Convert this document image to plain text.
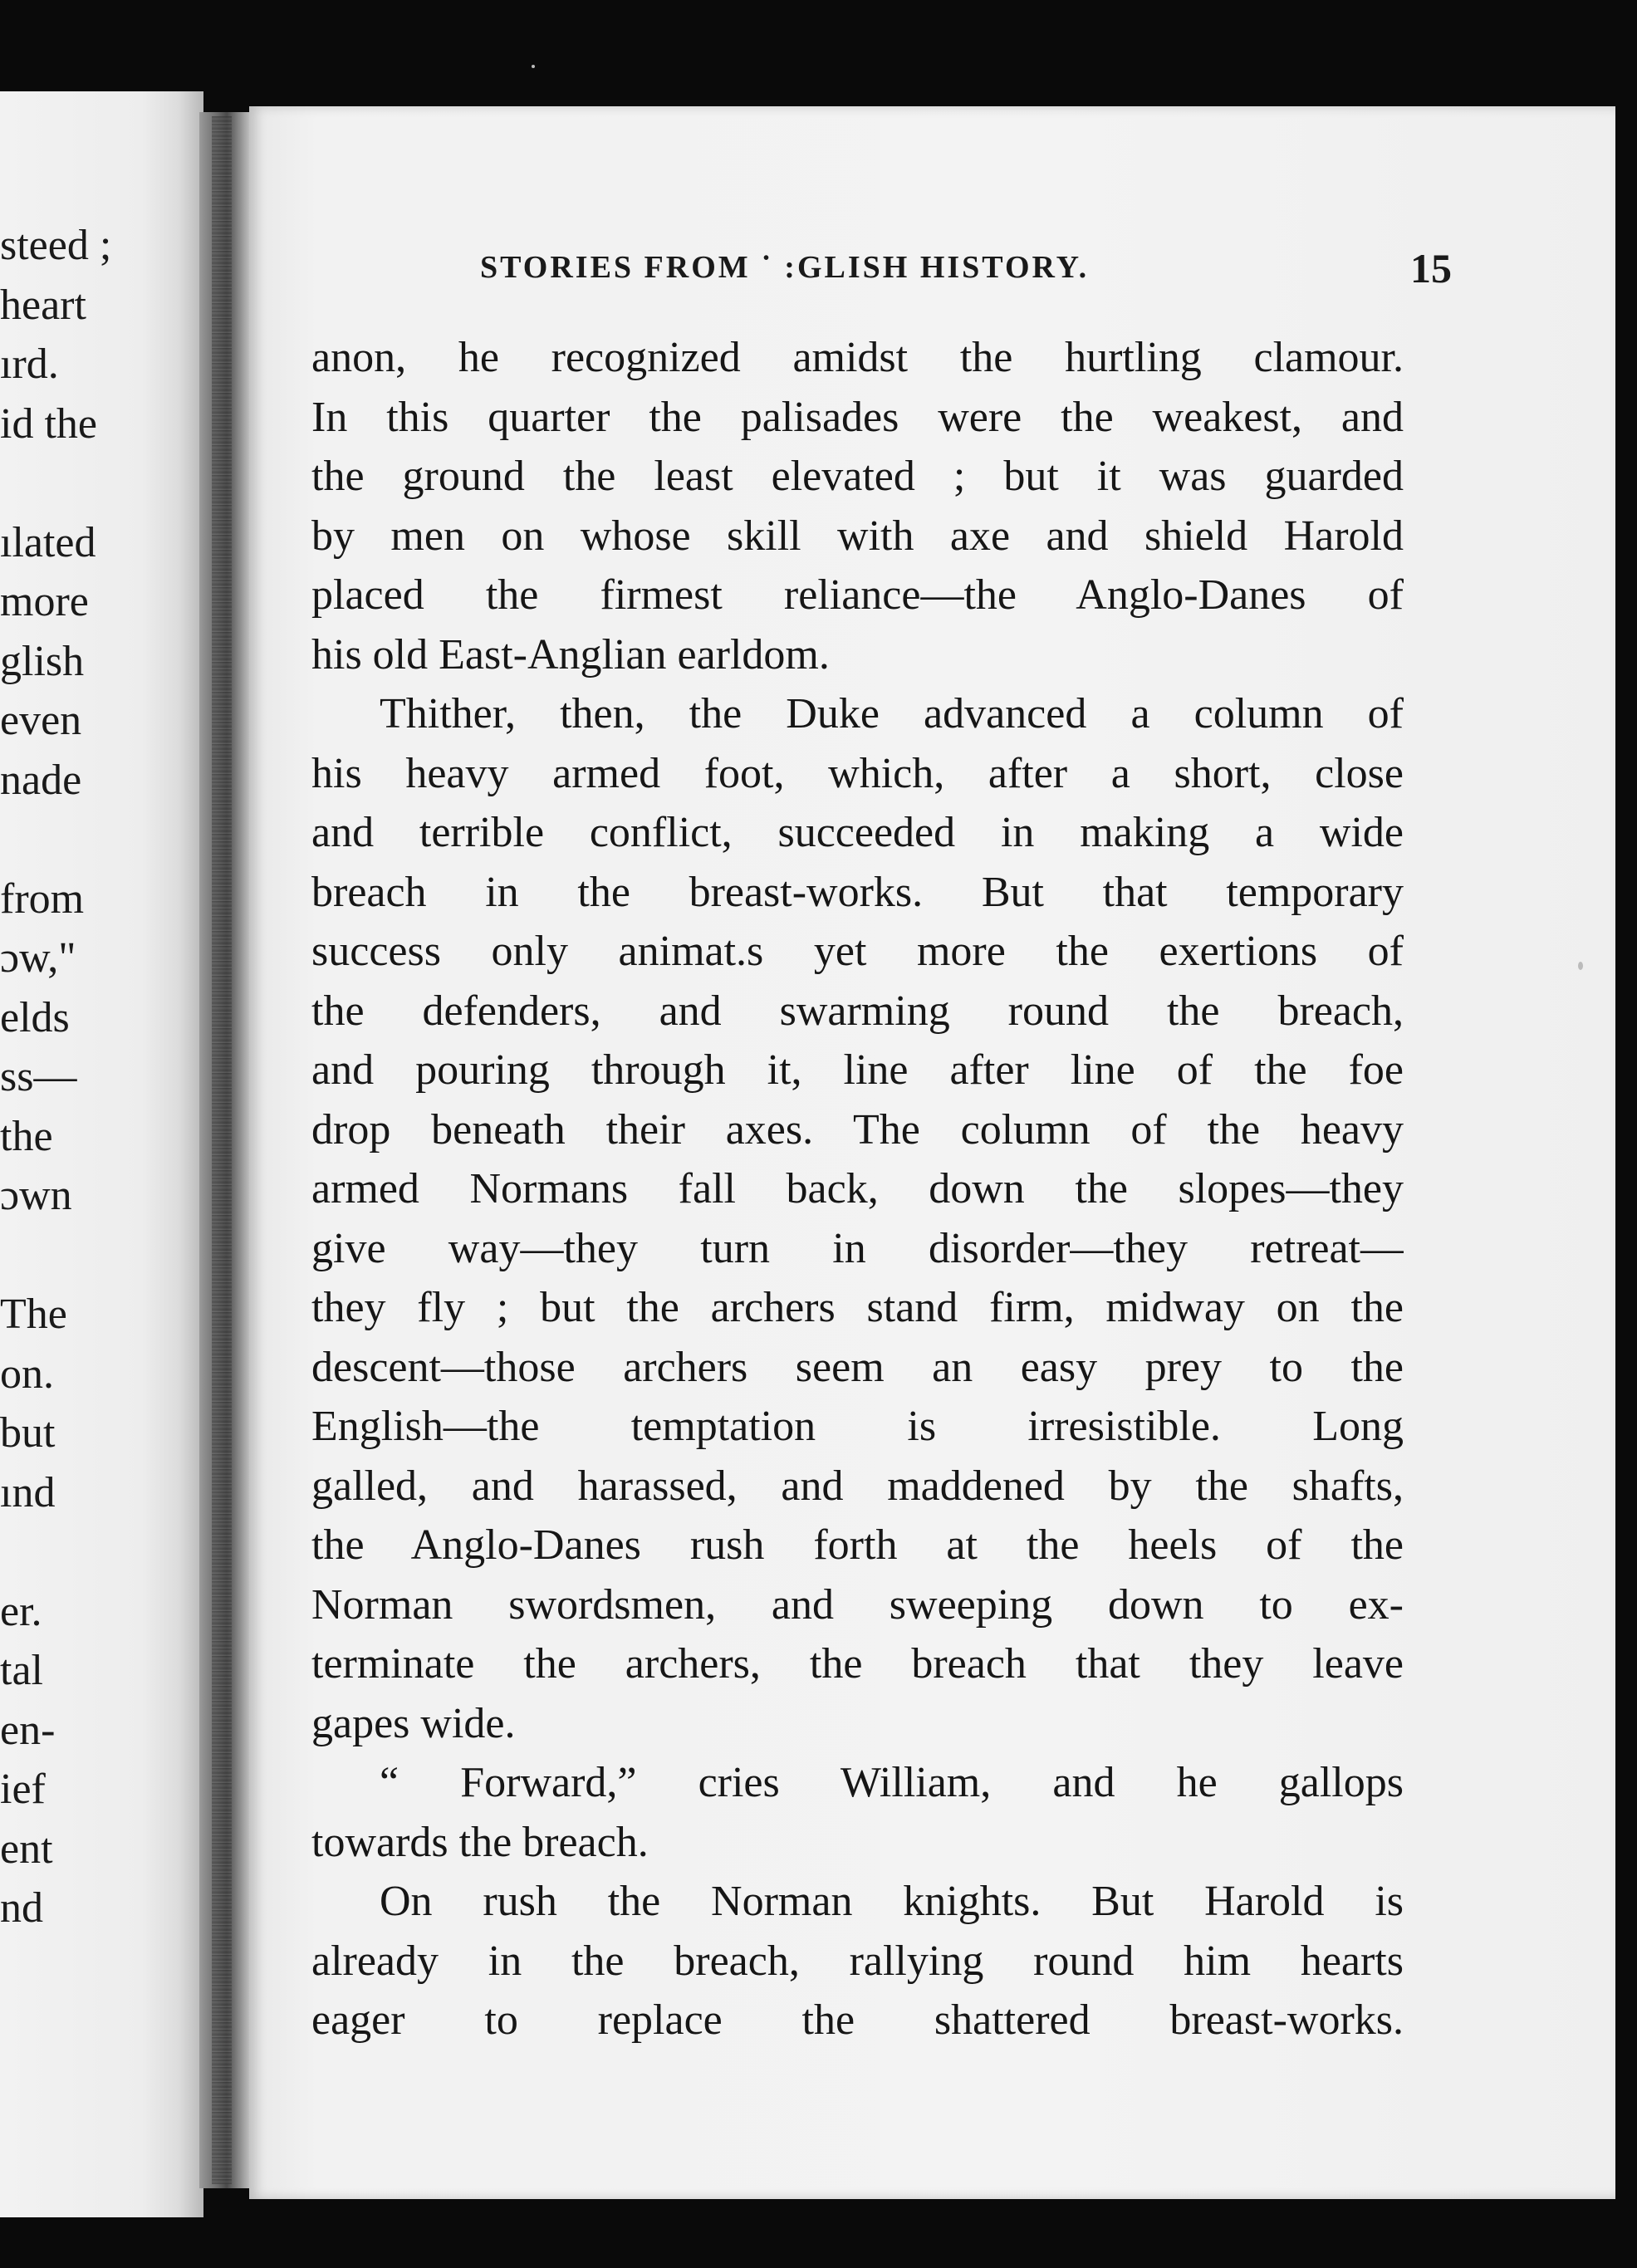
steed ;
heart
ırd.
id the
ılated
more
glish
even
nade
from
ɔw,"
elds
ss—
the
ɔwn
The
on.
but
ınd
er.
tal
en-
ief
ent
nd
STORIES FROM ˙ :GLISH HISTORY.	15
anon, he recognized amidst the hurtling clamour.
In this quarter the palisades were the weakest, and
the ground the least elevated ; but it was guarded
by men on whose skill with axe and shield Harold
placed the firmest reliance—the Anglo-Danes of
his old East-Anglian earldom.
Thither, then, the Duke advanced a column of
his heavy armed foot, which, after a short, close
and terrible conflict, succeeded in making a wide
breach in the breast-works. But that temporary
success only animat.s yet more the exertions of
the defenders, and swarming round the breach,
and pouring through it, line after line of the foe
drop beneath their axes. The column of the heavy
armed Normans fall back, down the slopes—they
give way—they turn in disorder—they retreat—
they fly ; but the archers stand firm, midway on the
descent—those archers seem an easy prey to the
English—the temptation is irresistible. Long
galled, and harassed, and maddened by the shafts,
the Anglo-Danes rush forth at the heels of the
Norman swordsmen, and sweeping down to ex-
terminate the archers, the breach that they leave
gapes wide.
“ Forward,” cries William, and he gallops
towards the breach.
On rush the Norman knights. But Harold is
already in the breach, rallying round him hearts
eager to replace the shattered breast-works.
